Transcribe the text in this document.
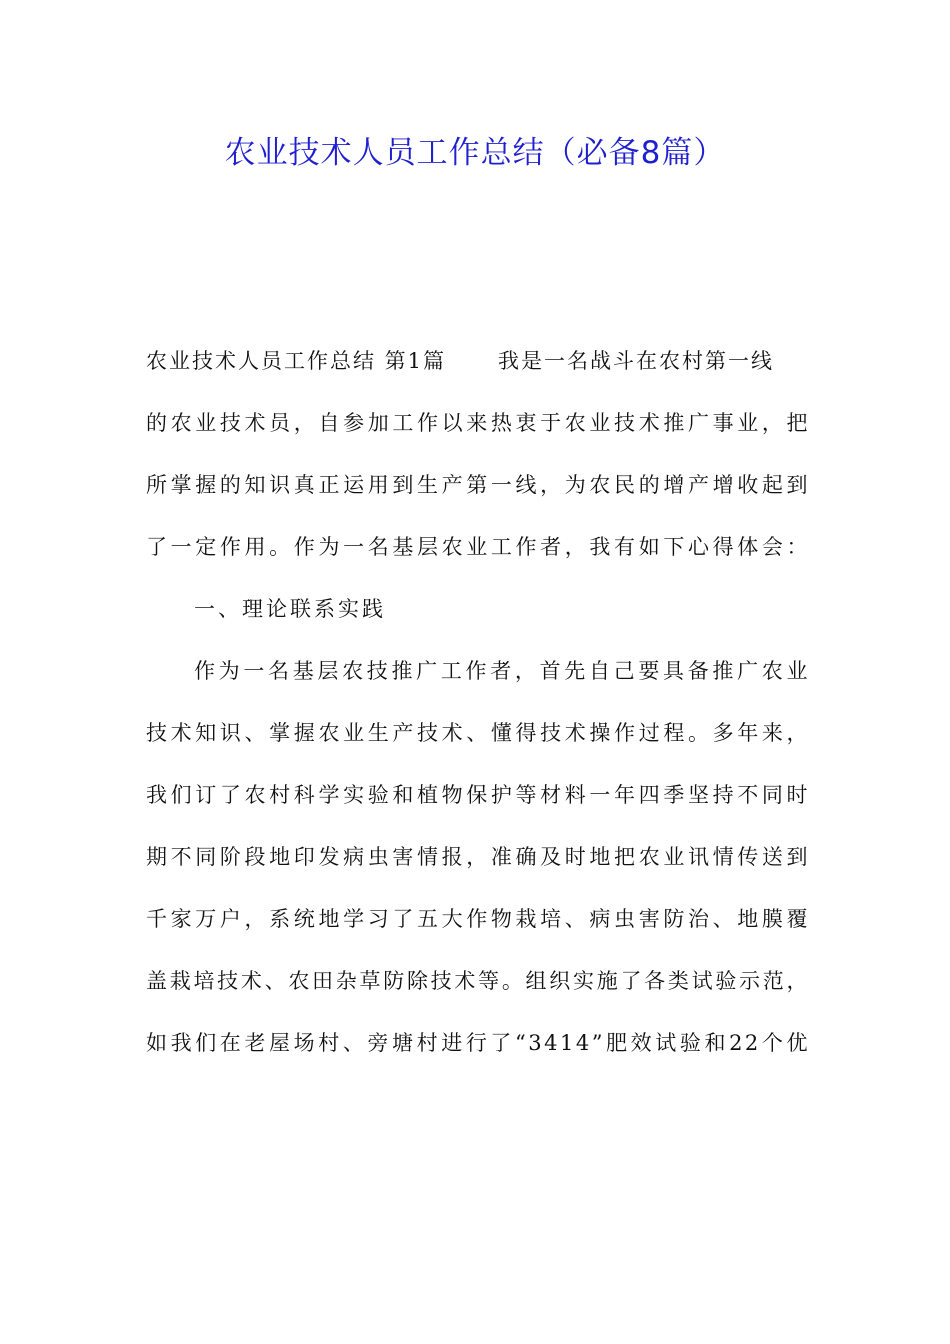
农业技术人员工作总结（必备8篇）
农业技术人员工作总结 第1篇 我是一名战斗在农村第一线
的农业技术员，自参加工作以来热衷于农业技术推广事业，把
所掌握的知识真正运用到生产第一线，为农民的增产增收起到
了一定作用。作为一名基层农业工作者，我有如下心得体会：
一、理论联系实践
作为一名基层农技推广工作者，首先自己要具备推广农业
技术知识、掌握农业生产技术、懂得技术操作过程。多年来，
我们订了农村科学实验和植物保护等材料一年四季坚持不同时
期不同阶段地印发病虫害情报，准确及时地把农业讯情传送到
千家万户，系统地学习了五大作物栽培、病虫害防治、地膜覆
盖栽培技术、农田杂草防除技术等。组织实施了各类试验示范，
如我们在老屋场村、旁塘村进行了“3414”肥效试验和22个优
